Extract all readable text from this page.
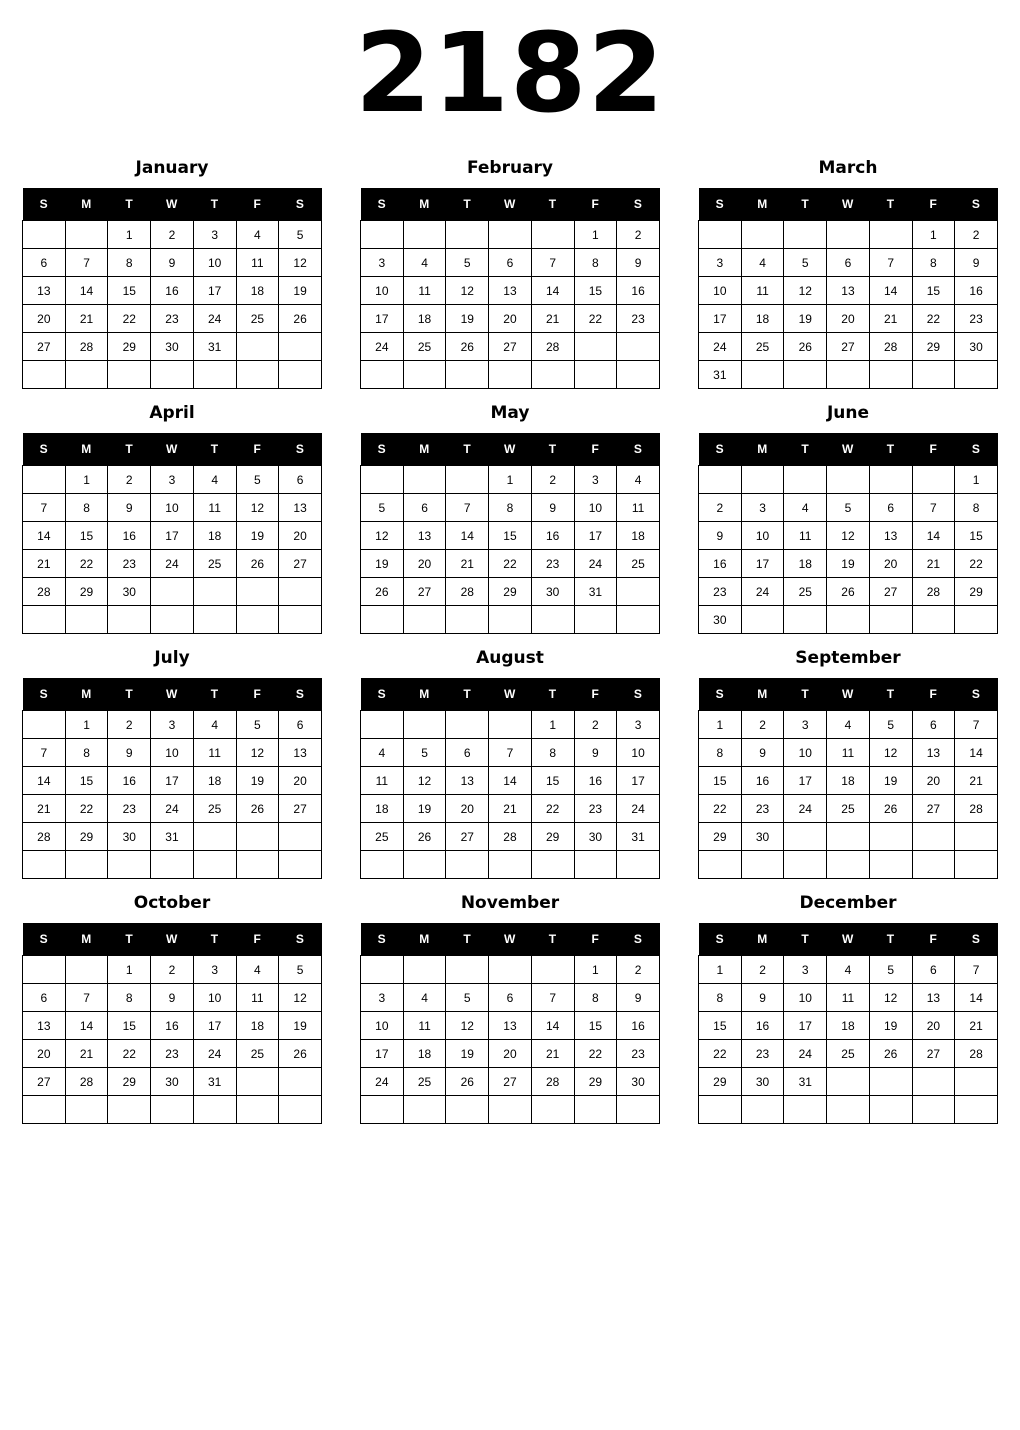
2182
January
S	M	T	W	T	F	S
		1	2	3	4	5
6	7	8	9	10	11	12
13	14	15	16	17	18	19
20	21	22	23	24	25	26
27	28	29	30	31		

February
S	M	T	W	T	F	S
					1	2
3	4	5	6	7	8	9
10	11	12	13	14	15	16
17	18	19	20	21	22	23
24	25	26	27	28		

March
S	M	T	W	T	F	S
					1	2
3	4	5	6	7	8	9
10	11	12	13	14	15	16
17	18	19	20	21	22	23
24	25	26	27	28	29	30
31						
April
S	M	T	W	T	F	S
	1	2	3	4	5	6
7	8	9	10	11	12	13
14	15	16	17	18	19	20
21	22	23	24	25	26	27
28	29	30				

May
S	M	T	W	T	F	S
			1	2	3	4
5	6	7	8	9	10	11
12	13	14	15	16	17	18
19	20	21	22	23	24	25
26	27	28	29	30	31	

June
S	M	T	W	T	F	S
						1
2	3	4	5	6	7	8
9	10	11	12	13	14	15
16	17	18	19	20	21	22
23	24	25	26	27	28	29
30						
July
S	M	T	W	T	F	S
	1	2	3	4	5	6
7	8	9	10	11	12	13
14	15	16	17	18	19	20
21	22	23	24	25	26	27
28	29	30	31			

August
S	M	T	W	T	F	S
				1	2	3
4	5	6	7	8	9	10
11	12	13	14	15	16	17
18	19	20	21	22	23	24
25	26	27	28	29	30	31

September
S	M	T	W	T	F	S
1	2	3	4	5	6	7
8	9	10	11	12	13	14
15	16	17	18	19	20	21
22	23	24	25	26	27	28
29	30					

October
S	M	T	W	T	F	S
		1	2	3	4	5
6	7	8	9	10	11	12
13	14	15	16	17	18	19
20	21	22	23	24	25	26
27	28	29	30	31		

November
S	M	T	W	T	F	S
					1	2
3	4	5	6	7	8	9
10	11	12	13	14	15	16
17	18	19	20	21	22	23
24	25	26	27	28	29	30

December
S	M	T	W	T	F	S
1	2	3	4	5	6	7
8	9	10	11	12	13	14
15	16	17	18	19	20	21
22	23	24	25	26	27	28
29	30	31				
